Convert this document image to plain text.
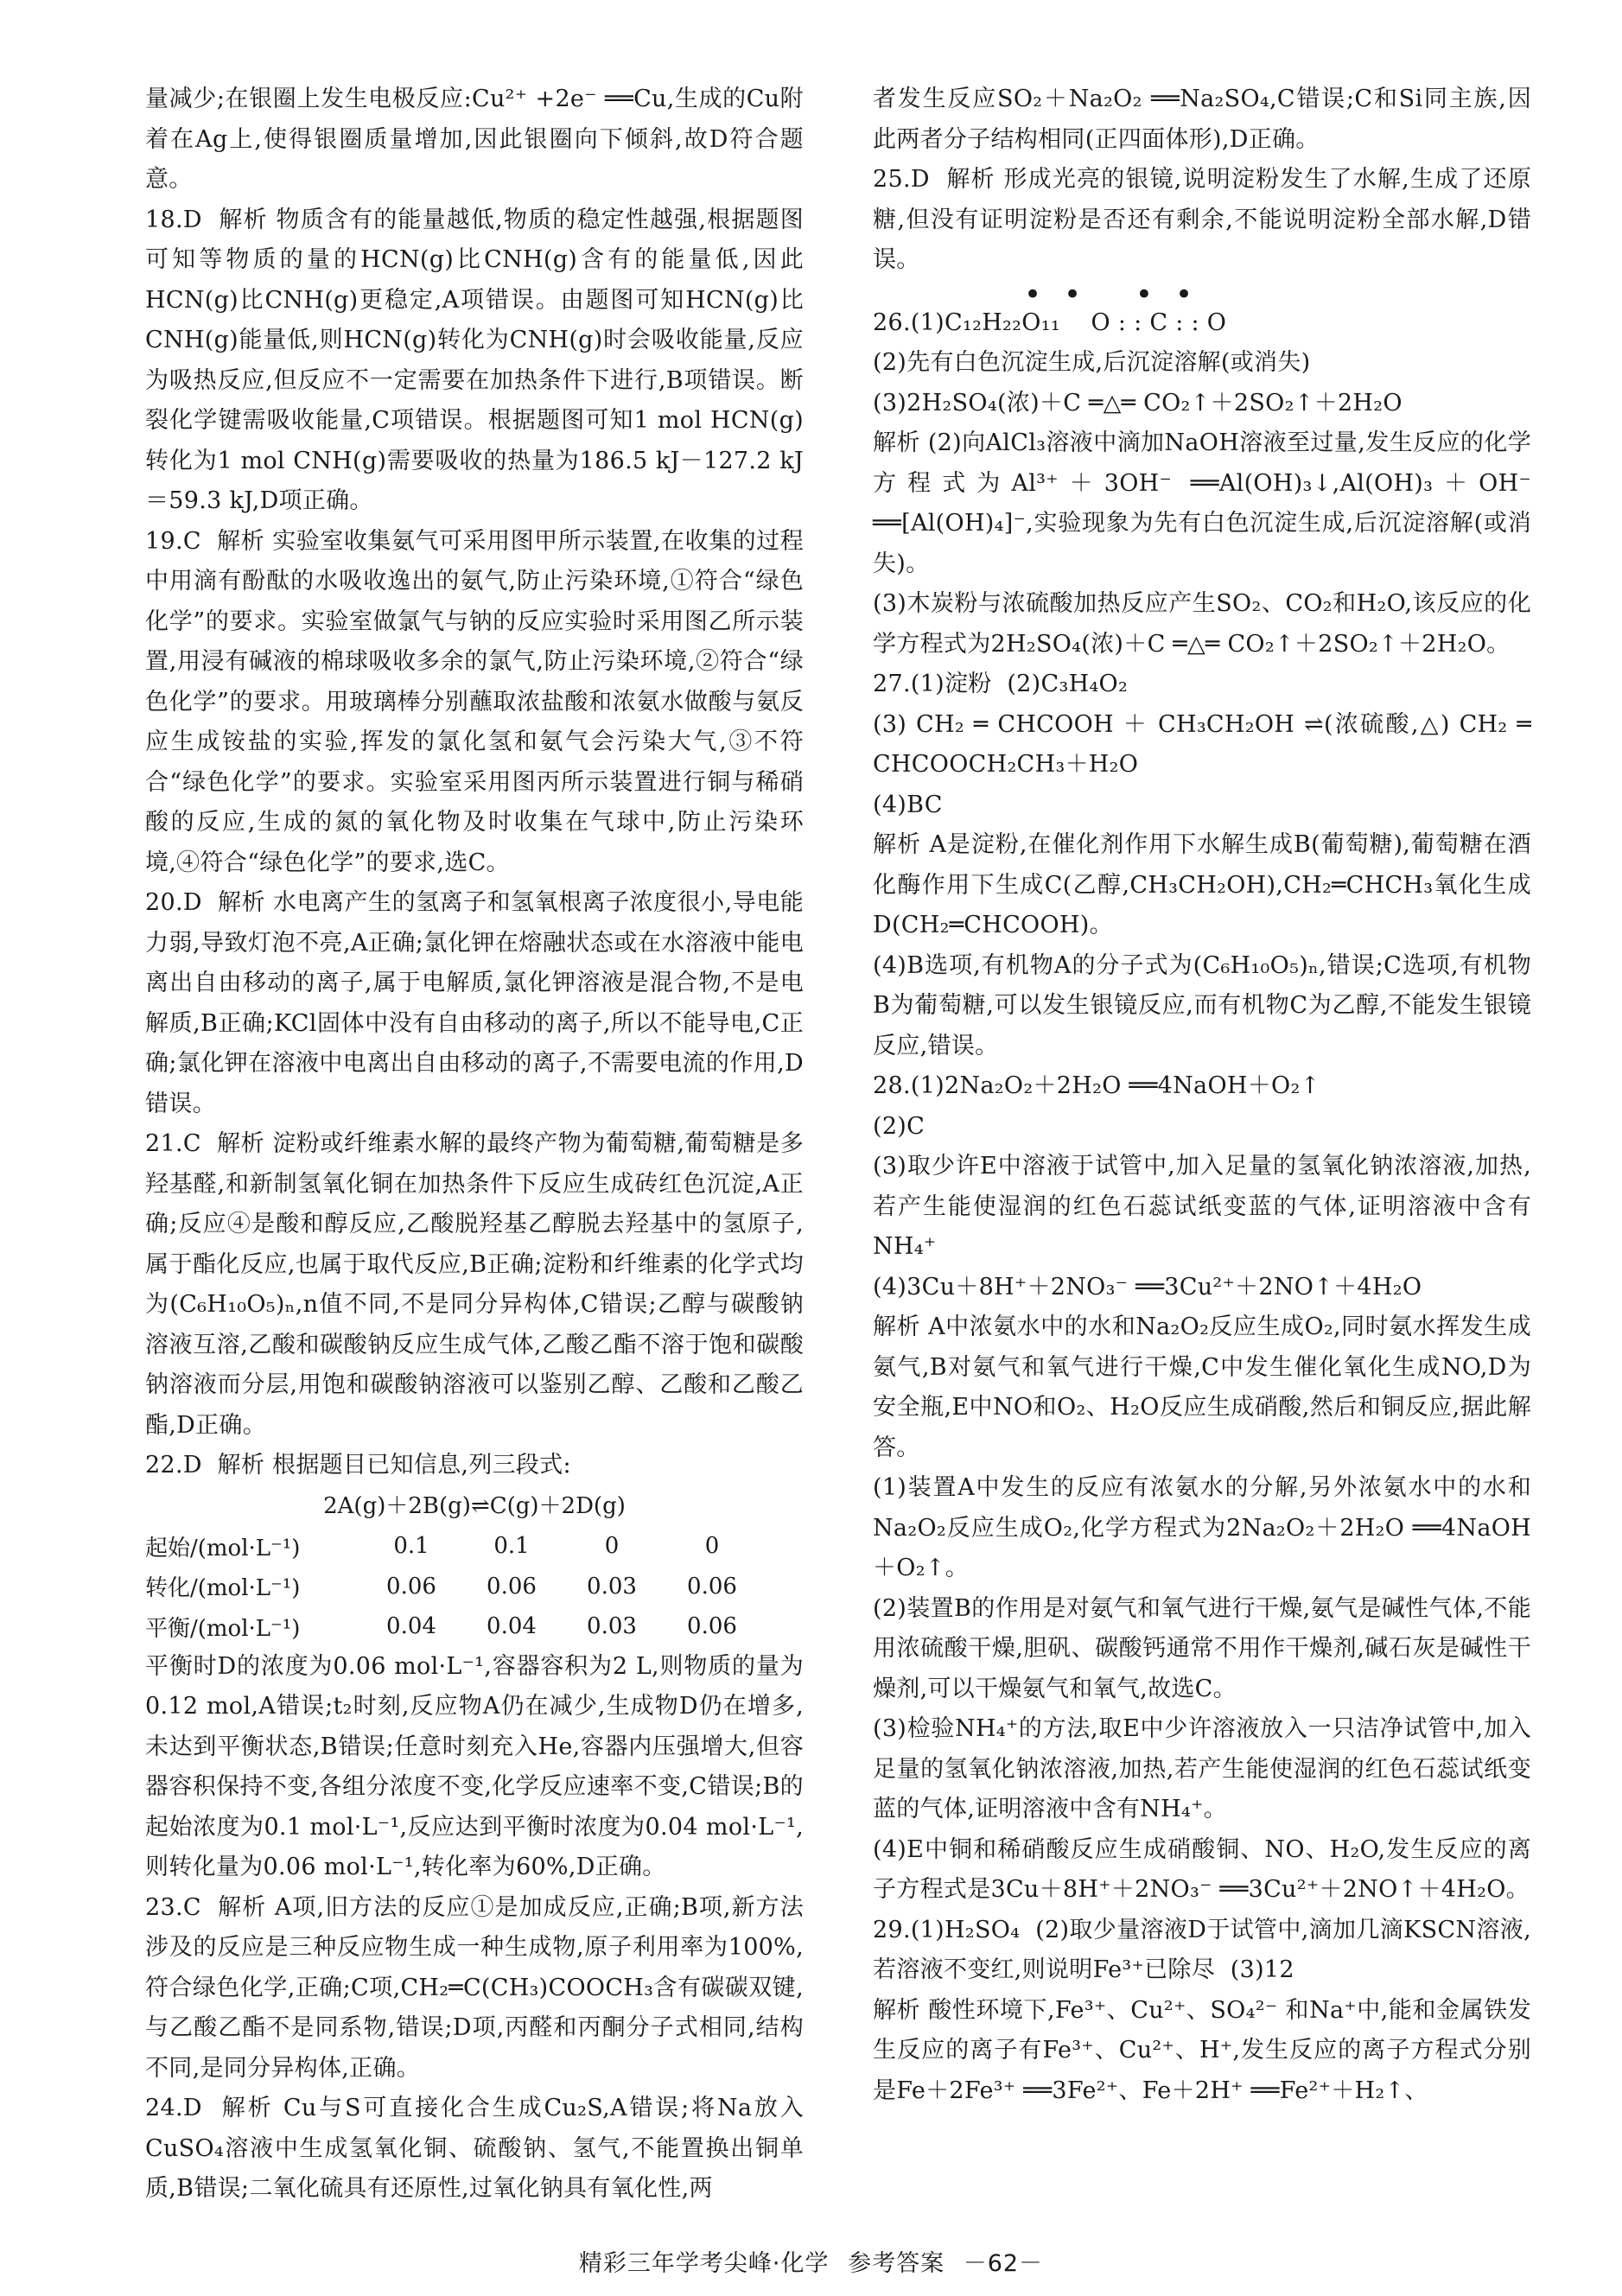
量减少;在银圈上发生电极反应:Cu²⁺ +2e⁻ ══Cu,生成的Cu附着在Ag上,使得银圈质量增加,因此银圈向下倾斜,故D符合题意。

18.D  解析 物质含有的能量越低,物质的稳定性越强,根据题图可知等物质的量的HCN(g)比CNH(g)含有的能量低,因此HCN(g)比CNH(g)更稳定,A项错误。由题图可知HCN(g)比CNH(g)能量低,则HCN(g)转化为CNH(g)时会吸收能量,反应为吸热反应,但反应不一定需要在加热条件下进行,B项错误。断裂化学键需吸收能量,C项错误。根据题图可知1 mol HCN(g)转化为1 mol CNH(g)需要吸收的热量为186.5 kJ－127.2 kJ＝59.3 kJ,D项正确。

19.C  解析 实验室收集氨气可采用图甲所示装置,在收集的过程中用滴有酚酞的水吸收逸出的氨气,防止污染环境,①符合“绿色化学”的要求。实验室做氯气与钠的反应实验时采用图乙所示装置,用浸有碱液的棉球吸收多余的氯气,防止污染环境,②符合“绿色化学”的要求。用玻璃棒分别蘸取浓盐酸和浓氨水做酸与氨反应生成铵盐的实验,挥发的氯化氢和氨气会污染大气,③不符合“绿色化学”的要求。实验室采用图丙所示装置进行铜与稀硝酸的反应,生成的氮的氧化物及时收集在气球中,防止污染环境,④符合“绿色化学”的要求,选C。

20.D  解析 水电离产生的氢离子和氢氧根离子浓度很小,导电能力弱,导致灯泡不亮,A正确;氯化钾在熔融状态或在水溶液中能电离出自由移动的离子,属于电解质,氯化钾溶液是混合物,不是电解质,B正确;KCl固体中没有自由移动的离子,所以不能导电,C正确;氯化钾在溶液中电离出自由移动的离子,不需要电流的作用,D错误。

21.C  解析 淀粉或纤维素水解的最终产物为葡萄糖,葡萄糖是多羟基醛,和新制氢氧化铜在加热条件下反应生成砖红色沉淀,A正确;反应④是酸和醇反应,乙酸脱羟基乙醇脱去羟基中的氢原子,属于酯化反应,也属于取代反应,B正确;淀粉和纤维素的化学式均为(C₆H₁₀O₅)ₙ,n值不同,不是同分异构体,C错误;乙醇与碳酸钠溶液互溶,乙酸和碳酸钠反应生成气体,乙酸乙酯不溶于饱和碳酸钠溶液而分层,用饱和碳酸钠溶液可以鉴别乙醇、乙酸和乙酸乙酯,D正确。

22.D  解析 根据题目已知信息,列三段式:

2A(g)＋2B(g)⇌C(g)＋2D(g)

起始/(mol·L⁻¹)	0.1	0.1	0	0
转化/(mol·L⁻¹)	0.06	0.06	0.03	0.06
平衡/(mol·L⁻¹)	0.04	0.04	0.03	0.06

平衡时D的浓度为0.06 mol·L⁻¹,容器容积为2 L,则物质的量为0.12 mol,A错误;t₂时刻,反应物A仍在减少,生成物D仍在增多,未达到平衡状态,B错误;任意时刻充入He,容器内压强增大,但容器容积保持不变,各组分浓度不变,化学反应速率不变,C错误;B的起始浓度为0.1 mol·L⁻¹,反应达到平衡时浓度为0.04 mol·L⁻¹,则转化量为0.06 mol·L⁻¹,转化率为60%,D正确。

23.C  解析 A项,旧方法的反应①是加成反应,正确;B项,新方法涉及的反应是三种反应物生成一种生成物,原子利用率为100%,符合绿色化学,正确;C项,CH₂═C(CH₃)COOCH₃含有碳碳双键,与乙酸乙酯不是同系物,错误;D项,丙醛和丙酮分子式相同,结构不同,是同分异构体,正确。

24.D  解析 Cu与S可直接化合生成Cu₂S,A错误;将Na放入CuSO₄溶液中生成氢氧化铜、硫酸钠、氢气,不能置换出铜单质,B错误;二氧化硫具有还原性,过氧化钠具有氧化性,两

者发生反应SO₂＋Na₂O₂ ══Na₂SO₄,C错误;C和Si同主族,因此两者分子结构相同(正四面体形),D正确。

25.D  解析 形成光亮的银镜,说明淀粉发生了水解,生成了还原糖,但没有证明淀粉是否还有剩余,不能说明淀粉全部水解,D错误。

•• ••

26.(1)C₁₂H₂₂O₁₁    O : : C : : O

(2)先有白色沉淀生成,后沉淀溶解(或消失)

(3)2H₂SO₄(浓)＋C ═△═ CO₂↑＋2SO₂↑＋2H₂O

解析 (2)向AlCl₃溶液中滴加NaOH溶液至过量,发生反应的化学方程式为Al³⁺＋3OH⁻ ══Al(OH)₃↓,Al(OH)₃＋OH⁻ ══[Al(OH)₄]⁻,实验现象为先有白色沉淀生成,后沉淀溶解(或消失)。

(3)木炭粉与浓硫酸加热反应产生SO₂、CO₂和H₂O,该反应的化学方程式为2H₂SO₄(浓)＋C ═△═ CO₂↑＋2SO₂↑＋2H₂O。

27.(1)淀粉  (2)C₃H₄O₂

(3) CH₂ ═ CHCOOH ＋ CH₃CH₂OH ⇌(浓硫酸,△) CH₂ ═ CHCOOCH₂CH₃＋H₂O

(4)BC

解析 A是淀粉,在催化剂作用下水解生成B(葡萄糖),葡萄糖在酒化酶作用下生成C(乙醇,CH₃CH₂OH),CH₂═CHCH₃氧化生成D(CH₂═CHCOOH)。

(4)B选项,有机物A的分子式为(C₆H₁₀O₅)ₙ,错误;C选项,有机物B为葡萄糖,可以发生银镜反应,而有机物C为乙醇,不能发生银镜反应,错误。

28.(1)2Na₂O₂＋2H₂O ══4NaOH＋O₂↑

(2)C

(3)取少许E中溶液于试管中,加入足量的氢氧化钠浓溶液,加热,若产生能使湿润的红色石蕊试纸变蓝的气体,证明溶液中含有NH₄⁺

(4)3Cu＋8H⁺＋2NO₃⁻ ══3Cu²⁺＋2NO↑＋4H₂O

解析 A中浓氨水中的水和Na₂O₂反应生成O₂,同时氨水挥发生成氨气,B对氨气和氧气进行干燥,C中发生催化氧化生成NO,D为安全瓶,E中NO和O₂、H₂O反应生成硝酸,然后和铜反应,据此解答。

(1)装置A中发生的反应有浓氨水的分解,另外浓氨水中的水和Na₂O₂反应生成O₂,化学方程式为2Na₂O₂＋2H₂O ══4NaOH＋O₂↑。

(2)装置B的作用是对氨气和氧气进行干燥,氨气是碱性气体,不能用浓硫酸干燥,胆矾、碳酸钙通常不用作干燥剂,碱石灰是碱性干燥剂,可以干燥氨气和氧气,故选C。

(3)检验NH₄⁺的方法,取E中少许溶液放入一只洁净试管中,加入足量的氢氧化钠浓溶液,加热,若产生能使湿润的红色石蕊试纸变蓝的气体,证明溶液中含有NH₄⁺。

(4)E中铜和稀硝酸反应生成硝酸铜、NO、H₂O,发生反应的离子方程式是3Cu＋8H⁺＋2NO₃⁻ ══3Cu²⁺＋2NO↑＋4H₂O。

29.(1)H₂SO₄  (2)取少量溶液D于试管中,滴加几滴KSCN溶液,若溶液不变红,则说明Fe³⁺已除尽  (3)12

解析 酸性环境下,Fe³⁺、Cu²⁺、SO₄²⁻ 和Na⁺中,能和金属铁发生反应的离子有Fe³⁺、Cu²⁺、H⁺,发生反应的离子方程式分别是Fe＋2Fe³⁺ ══3Fe²⁺、Fe＋2H⁺ ══Fe²⁺＋H₂↑、

精彩三年学考尖峰·化学 参考答案 －62－
